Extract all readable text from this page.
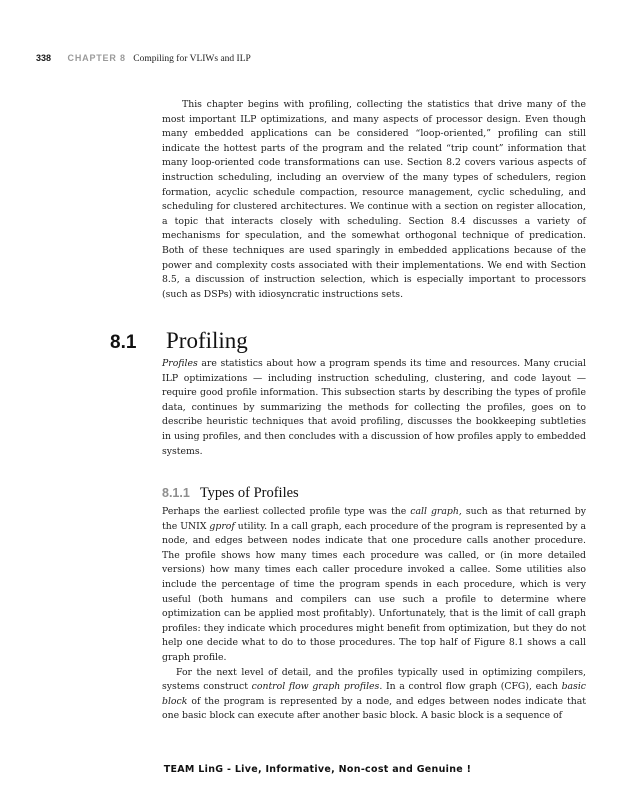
338 CHAPTER 8 Compiling for VLIWs and ILP
This chapter begins with profiling, collecting the statistics that drive many of the most important ILP optimizations, and many aspects of processor design. Even though many embedded applications can be considered “loop-oriented,” profiling can still indicate the hottest parts of the program and the related “trip count” information that many loop-oriented code transformations can use. Section 8.2 covers various aspects of instruction scheduling, including an overview of the many types of schedulers, region formation, acyclic schedule compaction, resource management, cyclic scheduling, and scheduling for clustered architectures. We continue with a section on register allocation, a topic that interacts closely with scheduling. Section 8.4 discusses a variety of mechanisms for speculation, and the somewhat orthogonal technique of predication. Both of these techniques are used sparingly in embedded applications because of the power and complexity costs associated with their implementations. We end with Section 8.5, a discussion of instruction selection, which is especially important to processors (such as DSPs) with idiosyncratic instructions sets.
8.1 Profiling
Profiles are statistics about how a program spends its time and resources. Many crucial ILP optimizations — including instruction scheduling, clustering, and code layout — require good profile information. This subsection starts by describing the types of profile data, continues by summarizing the methods for collecting the profiles, goes on to describe heuristic techniques that avoid profiling, discusses the bookkeeping subtleties in using profiles, and then concludes with a discussion of how profiles apply to embedded systems.
8.1.1 Types of Profiles

Perhaps the earliest collected profile type was the call graph, such as that returned by the UNIX gprof utility. In a call graph, each procedure of the program is represented by a node, and edges between nodes indicate that one procedure calls another procedure. The profile shows how many times each procedure was called, or (in more detailed versions) how many times each caller procedure invoked a callee. Some utilities also include the percentage of time the program spends in each procedure, which is very useful (both humans and compilers can use such a profile to determine where optimization can be applied most profitably). Unfortunately, that is the limit of call graph profiles: they indicate which procedures might benefit from optimization, but they do not help one decide what to do to those procedures. The top half of Figure 8.1 shows a call graph profile.

For the next level of detail, and the profiles typically used in optimizing compilers, systems construct control flow graph profiles. In a control flow graph (CFG), each basic block of the program is represented by a node, and edges between nodes indicate that one basic block can execute after another basic block. A basic block is a sequence of

TEAM LinG - Live, Informative, Non-cost and Genuine !
